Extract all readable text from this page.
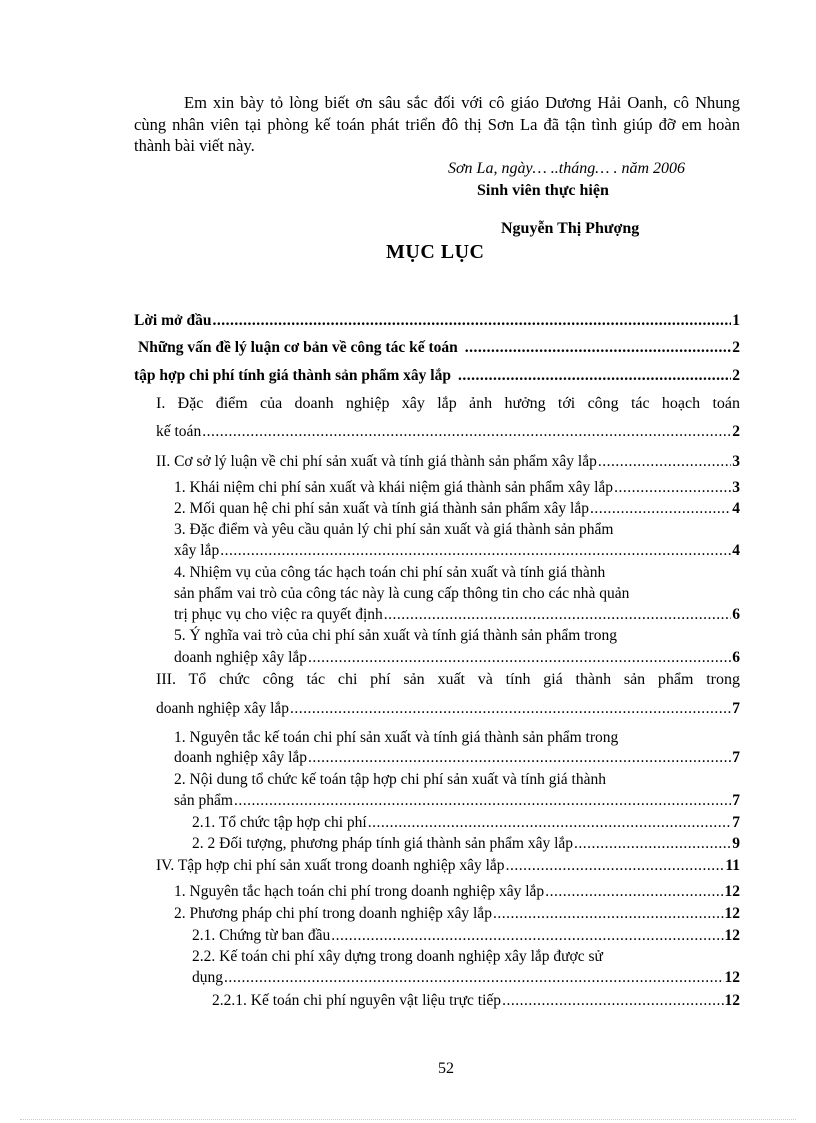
Em xin bày tỏ lòng biết ơn sâu sắc đối với cô giáo Dương Hải Oanh, cô Nhung cùng nhân viên tại phòng kế toán phát triển đô thị Sơn La đã tận tình giúp đỡ em hoàn thành bài viết này.

Sơn La, ngày… ..tháng… . năm 2006

Sinh viên thực hiện

Nguyễn Thị Phượng

MỤC LỤC

Lời mở đầu .....	1
Những vấn đề lý luận cơ bản về công tác kế toán .....	2
tập hợp chi phí tính giá thành sản phẩm xây lắp .....	2
I. Đặc điểm của doanh nghiệp xây lắp ảnh hưởng tới công tác hoạch toán
kế toán .....	2
II. Cơ sở lý luận về chi phí sản xuất và tính giá thành sản phẩm xây lắp .....	3
1. Khái niệm chi phí sản xuất và khái niệm giá thành sản phẩm xây lắp .....	3
2. Mối quan hệ chi phí sản xuất và tính giá thành sản phẩm xây lắp .....	4
3. Đặc điểm và yêu cầu quản lý chi phí sản xuất và giá thành sản phẩm
xây lắp .....	4
4. Nhiệm vụ của công tác hạch toán chi phí sản xuất và tính giá thành
sản phẩm vai trò của công tác này là cung cấp thông tin cho các nhà quản
trị phục vụ cho việc ra quyết định .....	6
5. Ý nghĩa vai trò của chi phí sản xuất và tính giá thành sản phẩm trong
doanh nghiệp xây lắp .....	6
III. Tổ chức công tác chi phí sản xuất và tính giá thành sản phẩm trong
doanh nghiệp xây lắp .....	7
1. Nguyên tắc kế toán chi phí sản xuất và tính giá thành sản phẩm trong
doanh nghiệp xây lắp .....	7
2. Nội dung tổ chức kế toán tập hợp chi phí sản xuất và tính giá thành
sản phẩm .....	7
2.1. Tổ chức tập hợp chi phí .....	7
2. 2 Đối tượng, phương pháp tính giá thành sản phẩm xây lắp .....	9
IV. Tập hợp chi phí sản xuất trong doanh nghiệp xây lắp .....	11
1. Nguyên tắc hạch toán chi phí trong doanh nghiệp xây lắp .....	12
2. Phương pháp chi phí trong doanh nghiệp xây lắp .....	12
2.1. Chứng từ ban đầu .....	12
2.2. Kế toán chi phí xây dựng trong doanh nghiệp xây lắp được sử
dụng .....	12
2.2.1. Kế toán chi phí nguyên vật liệu trực tiếp .....	12

52
